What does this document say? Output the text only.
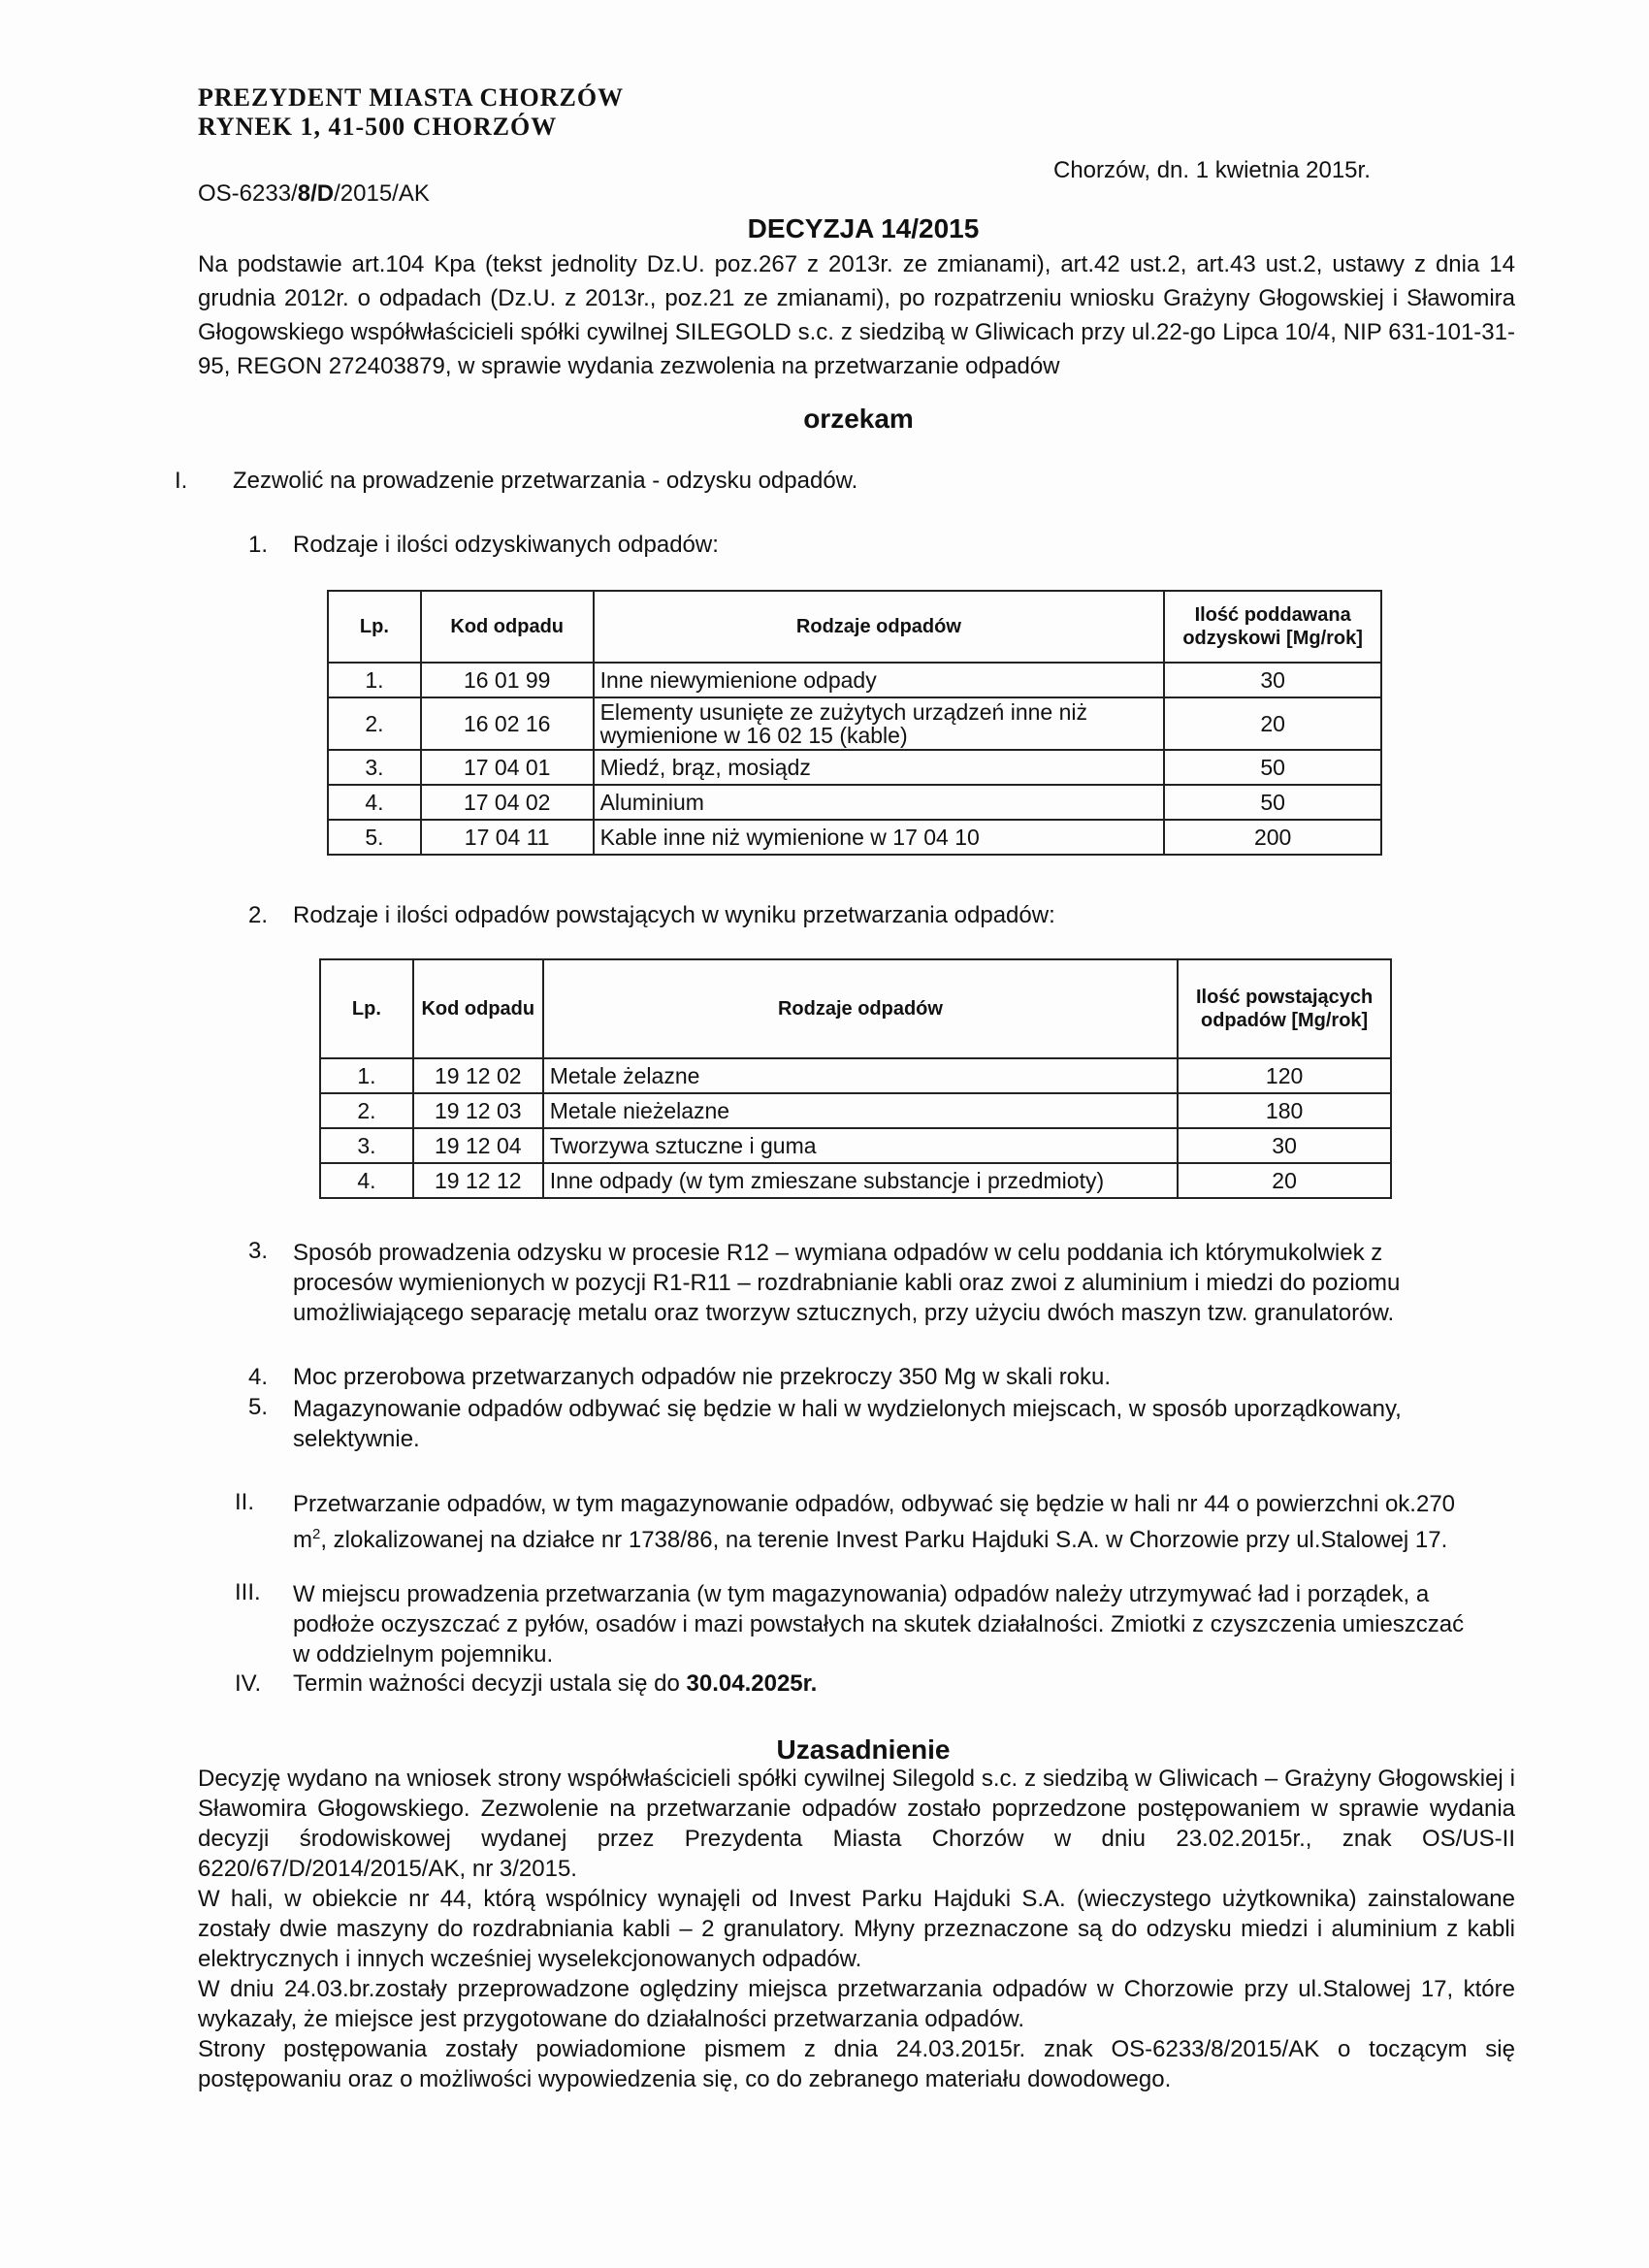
PREZYDENT MIASTA CHORZÓW
RYNEK 1, 41-500 CHORZÓW
Chorzów, dn. 1 kwietnia 2015r.
OS-6233/8/D/2015/AK
DECYZJA 14/2015

Na podstawie art.104 Kpa (tekst jednolity Dz.U. poz.267 z 2013r. ze zmianami), art.42 ust.2, art.43 ust.2, ustawy z dnia 14 grudnia 2012r. o odpadach (Dz.U. z 2013r., poz.21 ze zmianami), po rozpatrzeniu wniosku Grażyny Głogowskiej i Sławomira Głogowskiego współwłaścicieli spółki cywilnej SILEGOLD s.c. z siedzibą w Gliwicach przy ul.22-go Lipca 10/4, NIP 631-101-31-95, REGON 272403879, w sprawie wydania zezwolenia na przetwarzanie odpadów

orzekam
I. Zezwolić na prowadzenie przetwarzania - odzysku odpadów.
1.	Rodzaje i ilości odzyskiwanych odpadów:
Lp.	Kod odpadu	Rodzaje odpadów	Ilość poddawana odzyskowi [Mg/rok]
1.	16 01 99	Inne niewymienione odpady	30
2.	16 02 16	Elementy usunięte ze zużytych urządzeń inne niż wymienione w 16 02 15 (kable)	20
3.	17 04 01	Miedź, brąz, mosiądz	50
4.	17 04 02	Aluminium	50
5.	17 04 11	Kable inne niż wymienione w 17 04 10	200
2.	Rodzaje i ilości odpadów powstających w wyniku przetwarzania odpadów:
Lp.	Kod odpadu	Rodzaje odpadów	Ilość powstających odpadów [Mg/rok]
1.	19 12 02	Metale żelazne	120
2.	19 12 03	Metale nieżelazne	180
3.	19 12 04	Tworzywa sztuczne i guma	30
4.	19 12 12	Inne odpady (w tym zmieszane substancje i przedmioty)	20
3.	Sposób prowadzenia odzysku w procesie R12 – wymiana odpadów w celu poddania ich którymukolwiek z procesów wymienionych w pozycji R1-R11 – rozdrabnianie kabli oraz zwoi z aluminium i miedzi do poziomu umożliwiającego separację metalu oraz tworzyw sztucznych, przy użyciu dwóch maszyn tzw. granulatorów.

4.	Moc przerobowa przetwarzanych odpadów nie przekroczy 350 Mg w skali roku.
5.	Magazynowanie odpadów odbywać się będzie w hali w wydzielonych miejscach, w sposób uporządkowany, selektywnie.

II. Przetwarzanie odpadów, w tym magazynowanie odpadów, odbywać się będzie w hali nr 44 o powierzchni ok.270 $m^2$, zlokalizowanej na działce nr 1738/86, na terenie Invest Parku Hajduki S.A. w Chorzowie przy ul.Stalowej 17.

III. W miejscu prowadzenia przetwarzania (w tym magazynowania) odpadów należy utrzymywać ład i porządek, a podłoże oczyszczać z pyłów, osadów i mazi powstałych na skutek działalności. Zmiotki z czyszczenia umieszczać w oddzielnym pojemniku.

IV. Termin ważności decyzji ustala się do 30.04.2025r.
Uzasadnienie

Decyzję wydano na wniosek strony współwłaścicieli spółki cywilnej Silegold s.c. z siedzibą w Gliwicach – Grażyny Głogowskiej i Sławomira Głogowskiego. Zezwolenie na przetwarzanie odpadów zostało poprzedzone postępowaniem w sprawie wydania decyzji środowiskowej wydanej przez Prezydenta Miasta Chorzów w dniu 23.02.2015r., znak OS/US-II 6220/67/D/2014/2015/AK, nr 3/2015.

W hali, w obiekcie nr 44, którą wspólnicy wynajęli od Invest Parku Hajduki S.A. (wieczystego użytkownika) zainstalowane zostały dwie maszyny do rozdrabniania kabli – 2 granulatory. Młyny przeznaczone są do odzysku miedzi i aluminium z kabli elektrycznych i innych wcześniej wyselekcjonowanych odpadów.

W dniu 24.03.br.zostały przeprowadzone oględziny miejsca przetwarzania odpadów w Chorzowie przy ul.Stalowej 17, które wykazały, że miejsce jest przygotowane do działalności przetwarzania odpadów.

Strony postępowania zostały powiadomione pismem z dnia 24.03.2015r. znak OS-6233/8/2015/AK o toczącym się postępowaniu oraz o możliwości wypowiedzenia się, co do zebranego materiału dowodowego.
